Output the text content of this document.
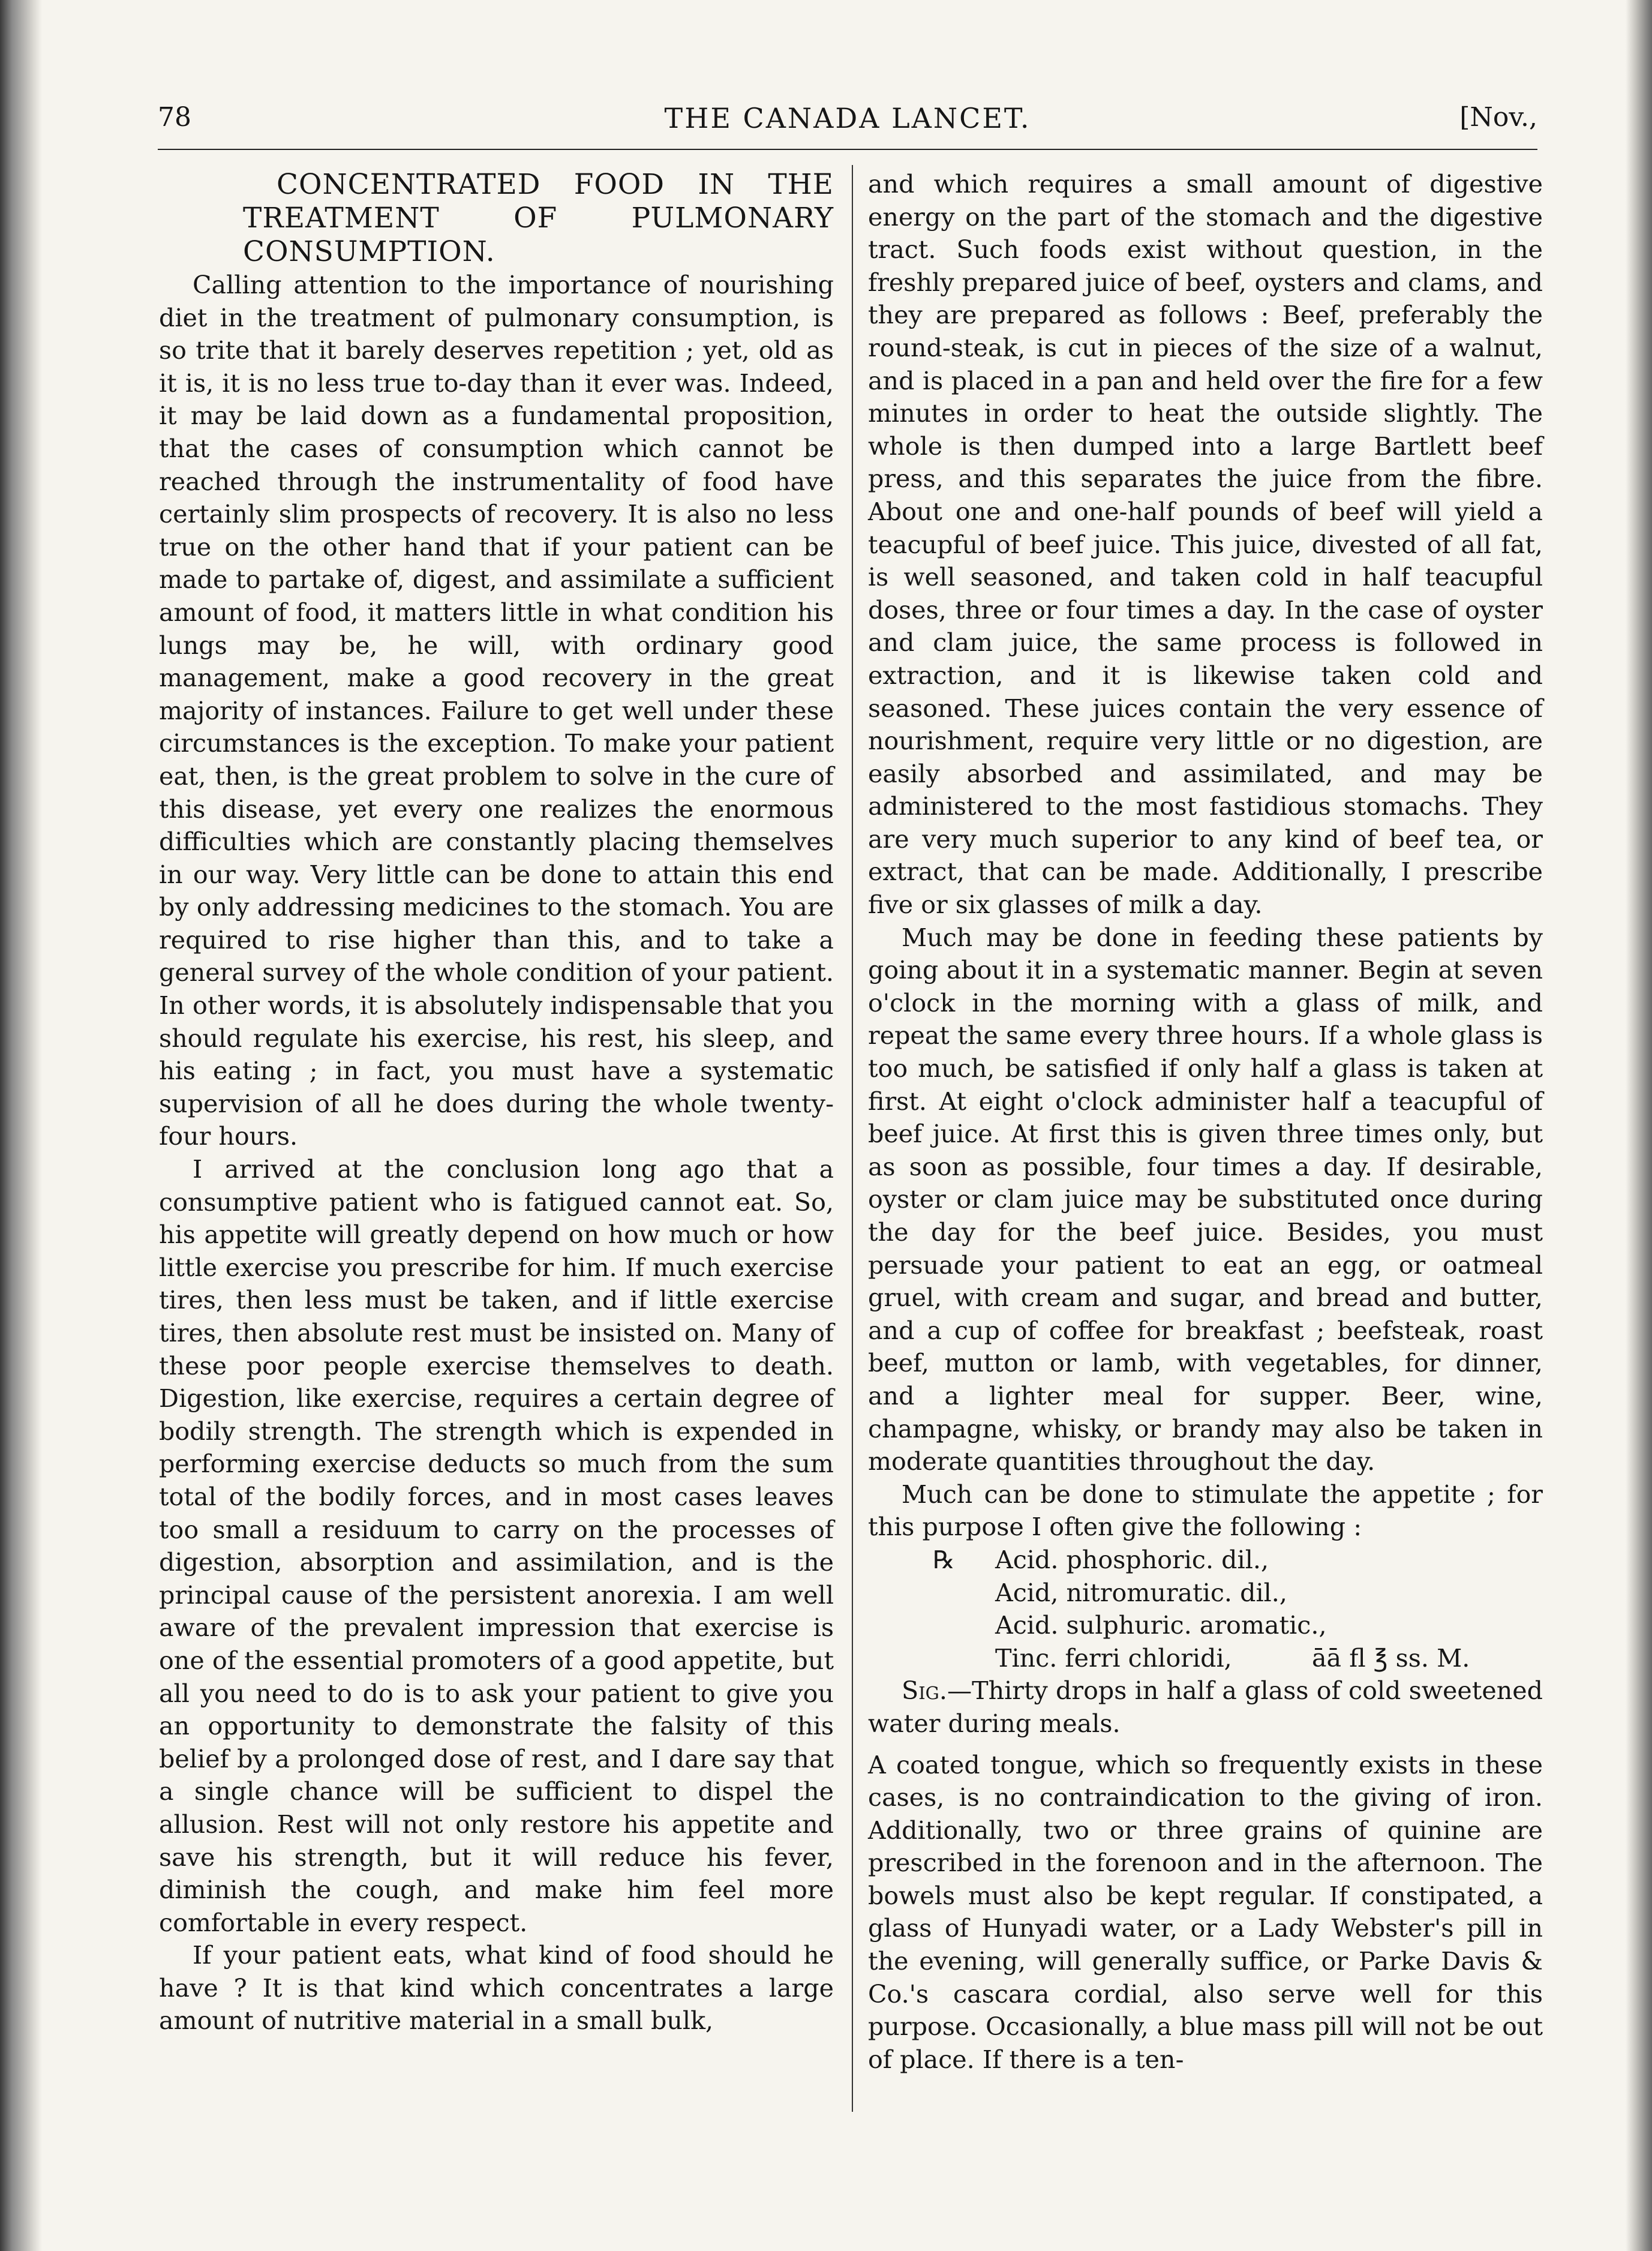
78	THE CANADA LANCET.	[Nov.,

CONCENTRATED FOOD IN THE TREATMENT OF PULMONARY CONSUMPTION.

Calling attention to the importance of nourishing diet in the treatment of pulmonary consumption, is so trite that it barely deserves repetition ; yet, old as it is, it is no less true to-day than it ever was. Indeed, it may be laid down as a fundamental proposition, that the cases of consumption which cannot be reached through the instrumentality of food have certainly slim prospects of recovery. It is also no less true on the other hand that if your patient can be made to partake of, digest, and assimilate a sufficient amount of food, it matters little in what condition his lungs may be, he will, with ordinary good management, make a good recovery in the great majority of instances. Failure to get well under these circumstances is the exception. To make your patient eat, then, is the great problem to solve in the cure of this disease, yet every one realizes the enormous difficulties which are constantly placing themselves in our way. Very little can be done to attain this end by only addressing medicines to the stomach. You are required to rise higher than this, and to take a general survey of the whole condition of your patient. In other words, it is absolutely indispensable that you should regulate his exercise, his rest, his sleep, and his eating ; in fact, you must have a systematic supervision of all he does during the whole twenty-four hours.

I arrived at the conclusion long ago that a consumptive patient who is fatigued cannot eat. So, his appetite will greatly depend on how much or how little exercise you prescribe for him. If much exercise tires, then less must be taken, and if little exercise tires, then absolute rest must be insisted on. Many of these poor people exercise themselves to death. Digestion, like exercise, requires a certain degree of bodily strength. The strength which is expended in performing exercise deducts so much from the sum total of the bodily forces, and in most cases leaves too small a residuum to carry on the processes of digestion, absorption and assimilation, and is the principal cause of the persistent anorexia. I am well aware of the prevalent impression that exercise is one of the essential promoters of a good appetite, but all you need to do is to ask your patient to give you an opportunity to demonstrate the falsity of this belief by a prolonged dose of rest, and I dare say that a single chance will be sufficient to dispel the allusion. Rest will not only restore his appetite and save his strength, but it will reduce his fever, diminish the cough, and make him feel more comfortable in every respect.

If your patient eats, what kind of food should he have ? It is that kind which concentrates a large amount of nutritive material in a small bulk,

and which requires a small amount of digestive energy on the part of the stomach and the digestive tract. Such foods exist without question, in the freshly prepared juice of beef, oysters and clams, and they are prepared as follows : Beef, preferably the round-steak, is cut in pieces of the size of a walnut, and is placed in a pan and held over the fire for a few minutes in order to heat the outside slightly. The whole is then dumped into a large Bartlett beef press, and this separates the juice from the fibre. About one and one-half pounds of beef will yield a teacupful of beef juice. This juice, divested of all fat, is well seasoned, and taken cold in half teacupful doses, three or four times a day. In the case of oyster and clam juice, the same process is followed in extraction, and it is likewise taken cold and seasoned. These juices contain the very essence of nourishment, require very little or no digestion, are easily absorbed and assimilated, and may be administered to the most fastidious stomachs. They are very much superior to any kind of beef tea, or extract, that can be made. Additionally, I prescribe five or six glasses of milk a day.

Much may be done in feeding these patients by going about it in a systematic manner. Begin at seven o'clock in the morning with a glass of milk, and repeat the same every three hours. If a whole glass is too much, be satisfied if only half a glass is taken at first. At eight o'clock administer half a teacupful of beef juice. At first this is given three times only, but as soon as possible, four times a day. If desirable, oyster or clam juice may be substituted once during the day for the beef juice. Besides, you must persuade your patient to eat an egg, or oatmeal gruel, with cream and sugar, and bread and butter, and a cup of coffee for breakfast ; beefsteak, roast beef, mutton or lamb, with vegetables, for dinner, and a lighter meal for supper. Beer, wine, champagne, whisky, or brandy may also be taken in moderate quantities throughout the day.

Much can be done to stimulate the appetite ; for this purpose I often give the following :

℞ Acid. phosphoric. dil.,
Acid, nitromuratic. dil.,
Acid. sulphuric. aromatic.,
Tinc. ferri chloridi,	āā fl ℥ ss. M.

Sig.—Thirty drops in half a glass of cold sweetened water during meals.

A coated tongue, which so frequently exists in these cases, is no contraindication to the giving of iron. Additionally, two or three grains of quinine are prescribed in the forenoon and in the afternoon. The bowels must also be kept regular. If constipated, a glass of Hunyadi water, or a Lady Webster's pill in the evening, will generally suffice, or Parke Davis & Co.'s cascara cordial, also serve well for this purpose. Occasionally, a blue mass pill will not be out of place. If there is a ten-
